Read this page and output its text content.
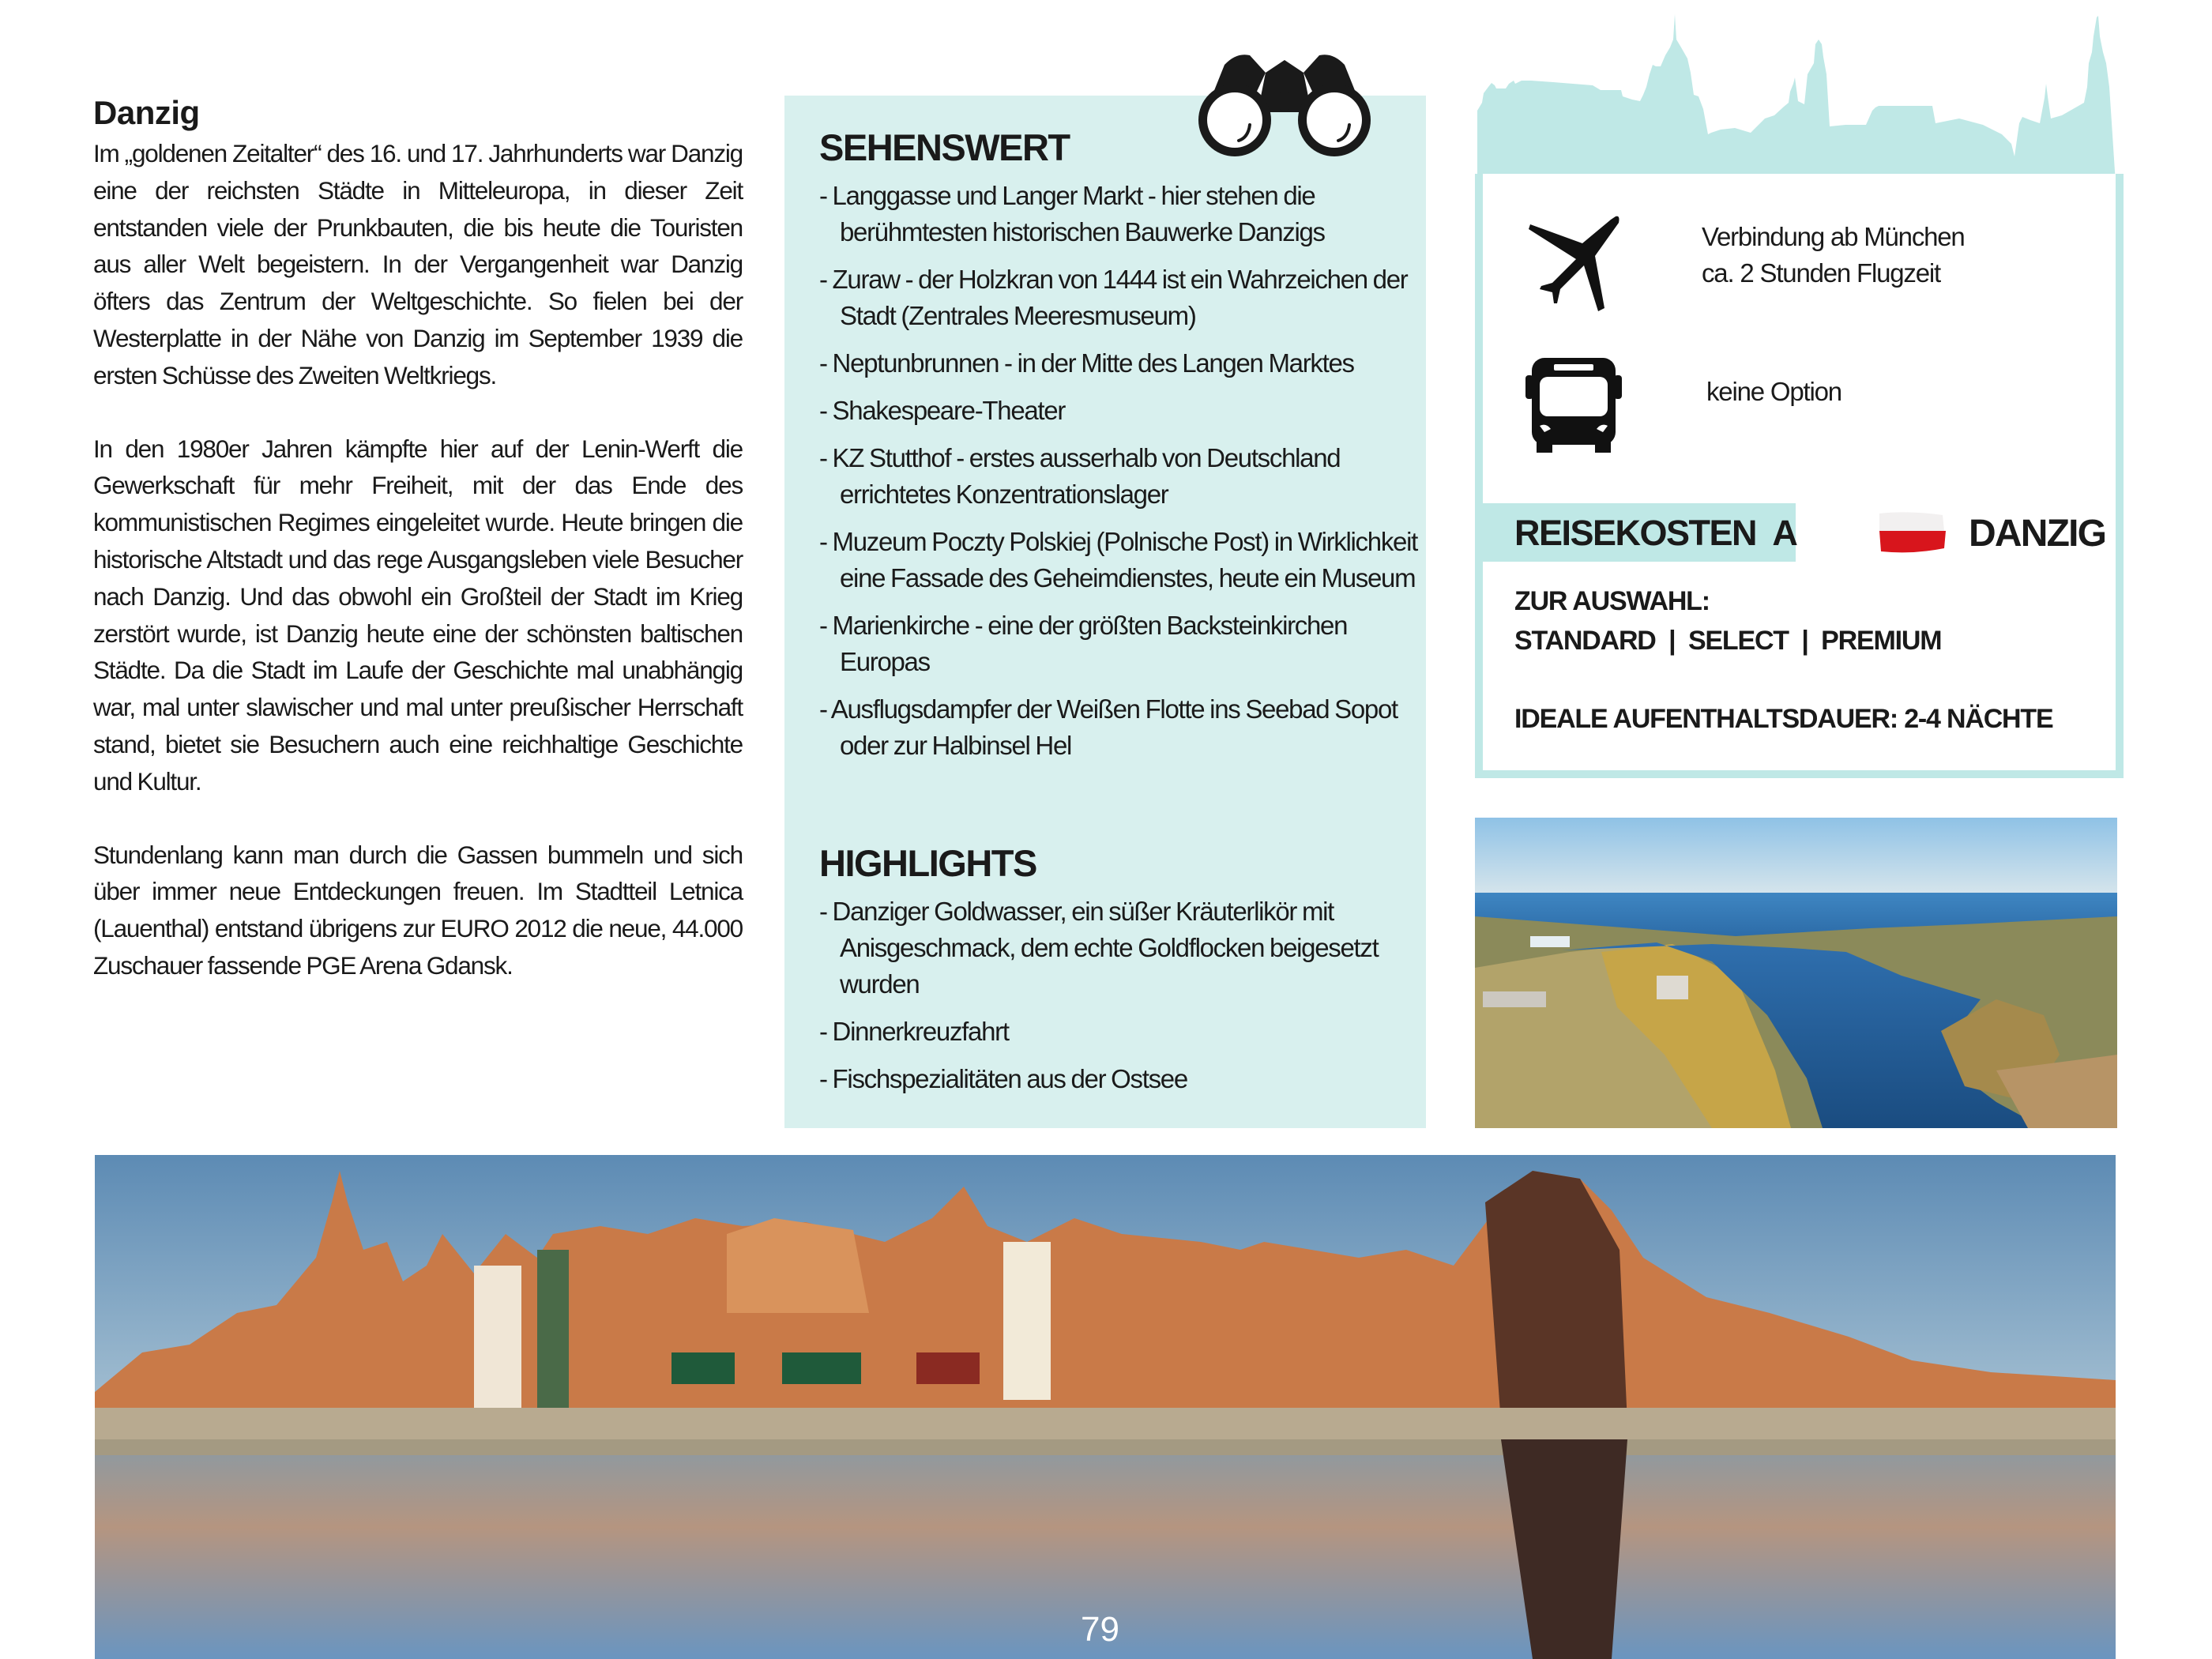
Danzig

Im „goldenen Zeitalter“ des 16. und 17. Jahrhunderts war Danzig eine der reichsten Städte in Mitteleuropa, in dieser Zeit entstanden viele der Prunkbauten, die bis heute die Touristen aus aller Welt begeistern. In der Vergangenheit war Danzig öfters das Zentrum der Weltgeschichte. So fielen bei der Westerplatte in der Nähe von Danzig im September 1939 die ersten Schüsse des Zweiten Weltkriegs.

In den 1980er Jahren kämpfte hier auf der Lenin-Werft die Gewerkschaft für mehr Freiheit, mit der das Ende des kommunistischen Regimes eingeleitet wurde. Heute bringen die historische Altstadt und das rege Ausgangsleben viele Besucher nach Danzig. Und das obwohl ein Großteil der Stadt im Krieg zerstört wurde, ist Danzig heute eine der schönsten baltischen Städte. Da die Stadt im Laufe der Geschichte mal unabhängig war, mal unter slawischer und mal unter preußischer Herrschaft stand, bietet sie Besuchern auch eine reichhaltige Geschichte und Kultur.

Stundenlang kann man durch die Gassen bummeln und sich über immer neue Entdeckungen freuen. Im Stadtteil Letnica (Lauenthal) entstand übrigens zur EURO 2012 die neue, 44.000 Zuschauer fassende PGE Arena Gdansk.

SEHENSWERT
- Langgasse und Langer Markt - hier stehen die berühmtesten historischen Bauwerke Danzigs
- Zuraw - der Holzkran von 1444 ist ein Wahrzeichen der Stadt (Zentrales Meeresmuseum)
- Neptunbrunnen - in der Mitte des Langen Marktes
- Shakespeare-Theater
- KZ Stutthof - erstes ausserhalb von Deutschland errichtetes Konzentrationslager
- Muzeum Poczty Polskiej (Polnische Post) in Wirklichkeit eine Fassade des Geheimdienstes, heute ein Museum
- Marienkirche - eine der größten Backsteinkirchen Europas
- Ausflugsdampfer der Weißen Flotte ins Seebad Sopot oder zur Halbinsel Hel
HIGHLIGHTS
- Danziger Goldwasser, ein süßer Kräuterlikör mit Anisgeschmack, dem echte Goldflocken beigesetzt wurden
- Dinnerkreuzfahrt
- Fischspezialitäten aus der Ostsee
Verbindung ab München
ca. 2 Stunden Flugzeit
keine Option
REISEKOSTEN  A	DANZIG
ZUR AUSWAHL:
STANDARD  |  SELECT  |  PREMIUM
IDEALE AUFENTHALTSDAUER: 2-4 NÄCHTE
79
